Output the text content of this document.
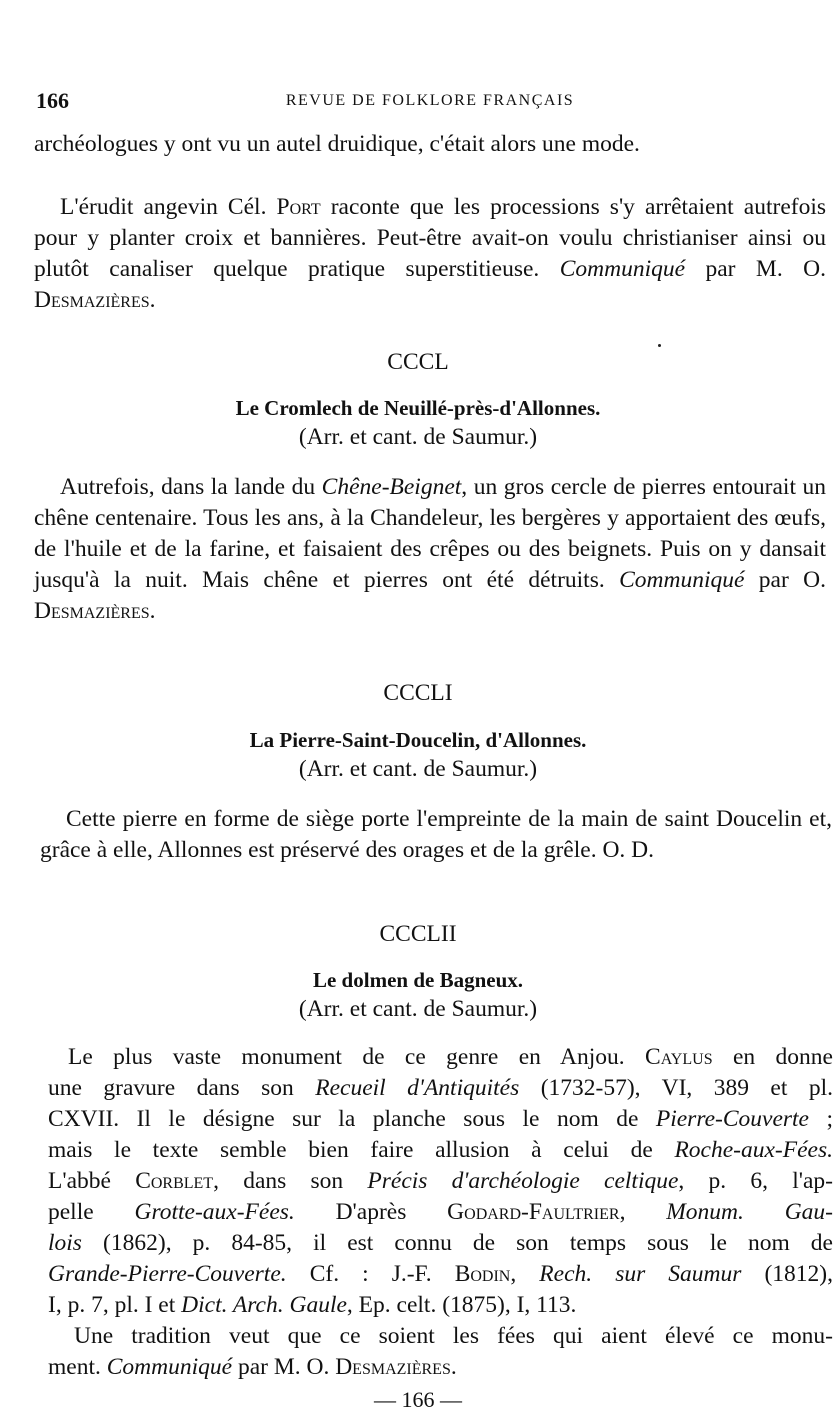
166	REVUE DE FOLKLORE FRANÇAIS

archéologues y ont vu un autel druidique, c'était alors une mode.

L'érudit angevin Cél. Port raconte que les processions s'y arrêtaient autrefois pour y planter croix et bannières. Peut-être avait-on voulu christianiser ainsi ou plutôt canaliser quelque pratique superstitieuse. Communiqué par M. O. Desmazières.

CCCL
Le Cromlech de Neuillé-près-d'Allonnes.
(Arr. et cant. de Saumur.)

Autrefois, dans la lande du Chêne-Beignet, un gros cercle de pierres entourait un chêne centenaire. Tous les ans, à la Chandeleur, les bergères y apportaient des œufs, de l'huile et de la farine, et faisaient des crêpes ou des beignets. Puis on y dansait jusqu'à la nuit. Mais chêne et pierres ont été détruits. Communiqué par O. Desmazières.

CCCLI
La Pierre-Saint-Doucelin, d'Allonnes.
(Arr. et cant. de Saumur.)

Cette pierre en forme de siège porte l'empreinte de la main de saint Doucelin et, grâce à elle, Allonnes est préservé des orages et de la grêle. O. D.

CCCLII
Le dolmen de Bagneux.
(Arr. et cant. de Saumur.)
Le plus vaste monument de ce genre en Anjou. Caylus en donne
une gravure dans son Recueil d'Antiquités (1732-57), VI, 389 et pl.
CXVII. Il le désigne sur la planche sous le nom de Pierre-Couverte ;
mais le texte semble bien faire allusion à celui de Roche-aux-Fées.
L'abbé Corblet, dans son Précis d'archéologie celtique, p. 6, l'ap-
pelle Grotte-aux-Fées. D'après Godard-Faultrier, Monum. Gau-
lois (1862), p. 84-85, il est connu de son temps sous le nom de
Grande-Pierre-Couverte. Cf. : J.-F. Bodin, Rech. sur Saumur (1812),
I, p. 7, pl. I et Dict. Arch. Gaule, Ep. celt. (1875), I, 113.
Une tradition veut que ce soient les fées qui aient élevé ce monu-
ment. Communiqué par M. O. Desmazières.
— 166 —
